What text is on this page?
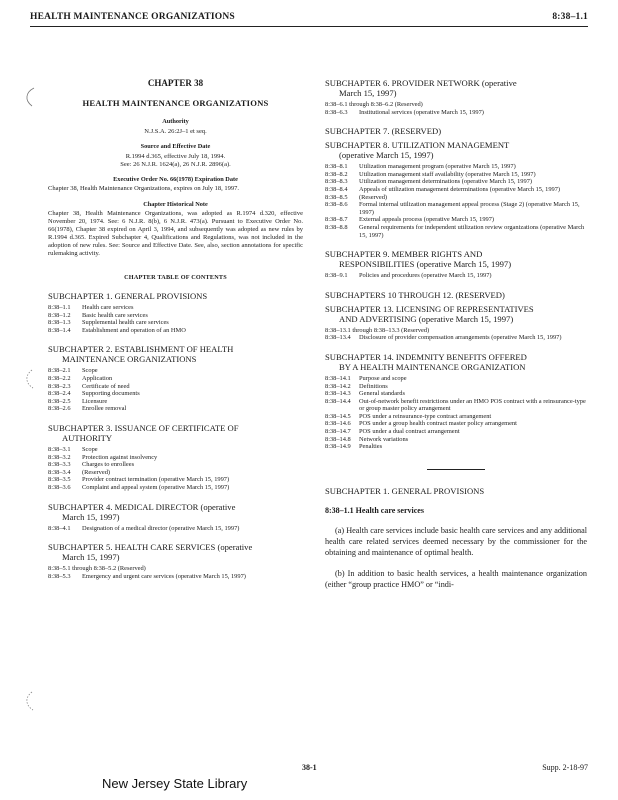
HEALTH MAINTENANCE ORGANIZATIONS	8:38–1.1

CHAPTER 38

HEALTH MAINTENANCE ORGANIZATIONS

Authority

N.J.S.A. 26:2J–1 et seq.

Source and Effective Date

R.1994 d.365, effective July 18, 1994.

See: 26 N.J.R. 1624(a), 26 N.J.R. 2896(a).

Executive Order No. 66(1978) Expiration Date

Chapter 38, Health Maintenance Organizations, expires on July 18, 1997.

Chapter Historical Note

Chapter 38, Health Maintenance Organizations, was adopted as R.1974 d.320, effective November 20, 1974. See: 6 N.J.R. 8(b), 6 N.J.R. 473(a). Pursuant to Executive Order No. 66(1978), Chapter 38 expired on April 3, 1994, and subsequently was adopted as new rules by R.1994 d.365. Expired Subchapter 4, Qualifications and Regulations, was not included in the adoption of new rules. See: Source and Effective Date. See, also, section annotations for specific rulemaking activity.

CHAPTER TABLE OF CONTENTS

SUBCHAPTER 1. GENERAL PROVISIONS
8:38–1.1	Health care services
8:38–1.2	Basic health care services
8:38–1.3	Supplemental health care services
8:38–1.4	Establishment and operation of an HMO
SUBCHAPTER 2. ESTABLISHMENT OF HEALTH
MAINTENANCE ORGANIZATIONS
8:38–2.1	Scope
8:38–2.2	Application
8:38–2.3	Certificate of need
8:38–2.4	Supporting documents
8:38–2.5	Licensure
8:38–2.6	Enrollee removal
SUBCHAPTER 3. ISSUANCE OF CERTIFICATE OF
AUTHORITY
8:38–3.1	Scope
8:38–3.2	Protection against insolvency
8:38–3.3	Charges to enrollees
8:38–3.4	(Reserved)
8:38–3.5	Provider contract termination (operative March 15, 1997)
8:38–3.6	Complaint and appeal system (operative March 15, 1997)
SUBCHAPTER 4. MEDICAL DIRECTOR (operative
March 15, 1997)
8:38–4.1	Designation of a medical director (operative March 15, 1997)
SUBCHAPTER 5. HEALTH CARE SERVICES (operative
March 15, 1997)
8:38–5.1 through 8:38–5.2 (Reserved)
8:38–5.3	Emergency and urgent care services (operative March 15, 1997)
SUBCHAPTER 6. PROVIDER NETWORK (operative
March 15, 1997)
8:38–6.1 through 8:38–6.2 (Reserved)
8:38–6.3	Institutional services (operative March 15, 1997)
SUBCHAPTER 7. (RESERVED)
SUBCHAPTER 8. UTILIZATION MANAGEMENT
(operative March 15, 1997)
8:38–8.1	Utilization management program (operative March 15, 1997)
8:38–8.2	Utilization management staff availability (operative March 15, 1997)
8:38–8.3	Utilization management determinations (operative March 15, 1997)
8:38–8.4	Appeals of utilization management determinations (operative March 15, 1997)
8:38–8.5	(Reserved)
8:38–8.6	Formal internal utilization management appeal process (Stage 2) (operative March 15, 1997)
8:38–8.7	External appeals process (operative March 15, 1997)
8:38–8.8	General requirements for independent utilization review organizations (operative March 15, 1997)
SUBCHAPTER 9. MEMBER RIGHTS AND
RESPONSIBILITIES (operative March 15, 1997)
8:38–9.1	Policies and procedures (operative March 15, 1997)
SUBCHAPTERS 10 THROUGH 12. (RESERVED)
SUBCHAPTER 13. LICENSING OF REPRESENTATIVES
AND ADVERTISING (operative March 15, 1997)
8:38–13.1 through 8:38–13.3 (Reserved)
8:38–13.4	Disclosure of provider compensation arrangements (operative March 15, 1997)
SUBCHAPTER 14. INDEMNITY BENEFITS OFFERED
BY A HEALTH MAINTENANCE ORGANIZATION
8:38–14.1	Purpose and scope
8:38–14.2	Definitions
8:38–14.3	General standards
8:38–14.4	Out-of-network benefit restrictions under an HMO POS contract with a reinsurance-type or group master policy arrangement
8:38–14.5	POS under a reinsurance-type contract arrangement
8:38–14.6	POS under a group health contract master policy arrangement
8:38–14.7	POS under a dual contract arrangement
8:38–14.8	Network variations
8:38–14.9	Penalties

SUBCHAPTER 1. GENERAL PROVISIONS

8:38–1.1 Health care services

(a) Health care services include basic health care services and any additional health care related services deemed necessary by the commissioner for the obtaining and maintenance of optimal health.

(b) In addition to basic health services, a health maintenance organization (either “group practice HMO” or “indi-

38-1	Supp. 2-18-97
New Jersey State Library
